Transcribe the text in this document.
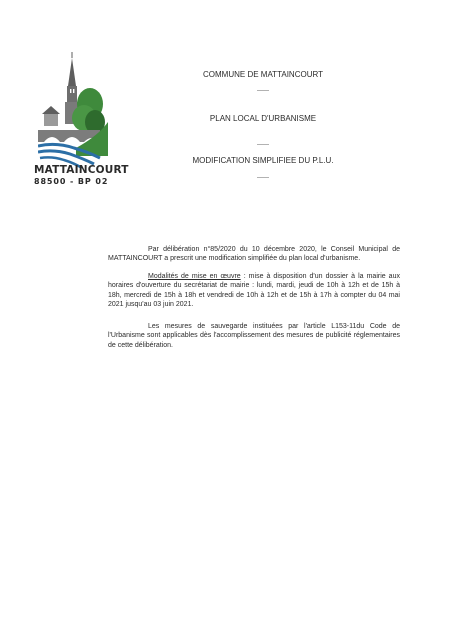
MATTAINCOURT
88500 - BP 02
COMMUNE DE MATTAINCOURT
------
PLAN LOCAL D'URBANISME
------
MODIFICATION SIMPLIFIEE DU P.L.U.
------
Par délibération n°85/2020 du 10 décembre 2020, le Conseil Municipal de MATTAINCOURT a prescrit une modification simplifiée du plan local d'urbanisme.
Modalités de mise en œuvre : mise à disposition d'un dossier à la mairie aux horaires d'ouverture du secrétariat de mairie : lundi, mardi, jeudi de 10h à 12h et de 15h à 18h, mercredi de 15h à 18h et vendredi de 10h à 12h et de 15h à 17h à compter du 04 mai 2021 jusqu'au 03 juin 2021.
Les mesures de sauvegarde instituées par l'article L153-11du Code de l'Urbanisme sont applicables dès l'accomplissement des mesures de publicité réglementaires de cette délibération.
